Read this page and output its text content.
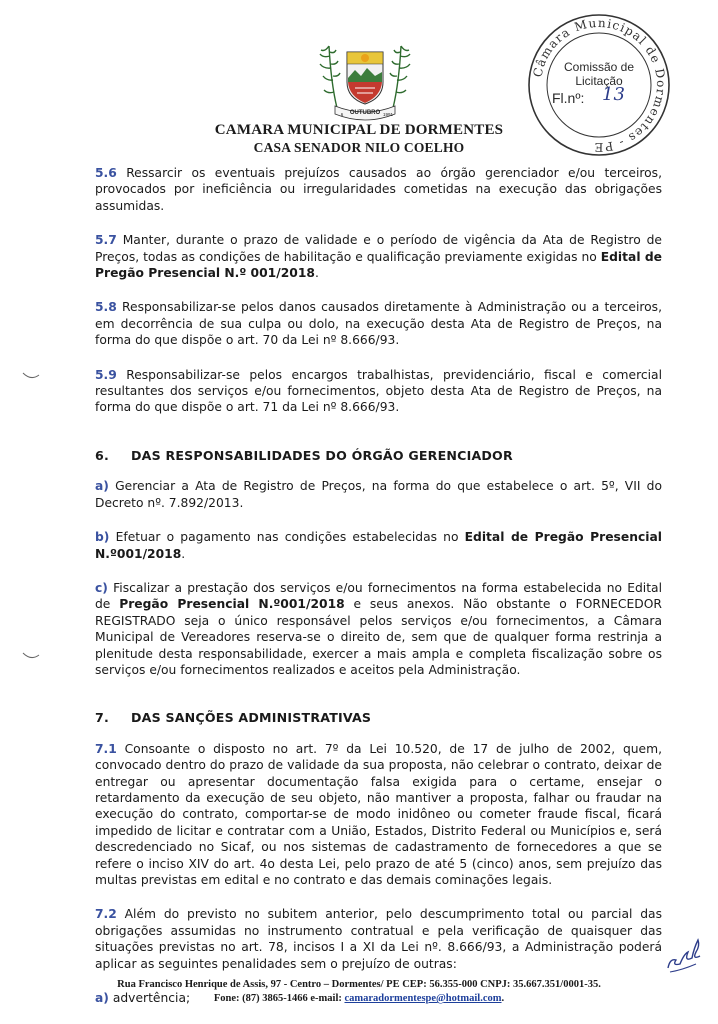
OUTUBRO
6	1991
CAMARA MUNICIPAL DE DORMENTES
CASA SENADOR NILO COELHO
Câmara Municipal de Dormentes - PE
Comissão de
Licitação
Fl.nº: 13

5.6 Ressarcir os eventuais prejuízos causados ao órgão gerenciador e/ou terceiros, provocados por ineficiência ou irregularidades cometidas na execução das obrigações assumidas.

5.7 Manter, durante o prazo de validade e o período de vigência da Ata de Registro de Preços, todas as condições de habilitação e qualificação previamente exigidas no Edital de Pregão Presencial N.º 001/2018.

5.8 Responsabilizar-se pelos danos causados diretamente à Administração ou a terceiros, em decorrência de sua culpa ou dolo, na execução desta Ata de Registro de Preços, na forma do que dispõe o art. 70 da Lei nº 8.666/93.

5.9 Responsabilizar-se pelos encargos trabalhistas, previdenciário, fiscal e comercial resultantes dos serviços e/ou fornecimentos, objeto desta Ata de Registro de Preços, na forma do que dispõe o art. 71 da Lei nº 8.666/93.

6. DAS RESPONSABILIDADES DO ÓRGÃO GERENCIADOR

a) Gerenciar a Ata de Registro de Preços, na forma do que estabelece o art. 5º, VII do Decreto nº. 7.892/2013.

b) Efetuar o pagamento nas condições estabelecidas no Edital de Pregão Presencial N.º001/2018.

c) Fiscalizar a prestação dos serviços e/ou fornecimentos na forma estabelecida no Edital de Pregão Presencial N.º001/2018 e seus anexos. Não obstante o FORNECEDOR REGISTRADO seja o único responsável pelos serviços e/ou fornecimentos, a Câmara Municipal de Vereadores reserva-se o direito de, sem que de qualquer forma restrinja a plenitude desta responsabilidade, exercer a mais ampla e completa fiscalização sobre os serviços e/ou fornecimentos realizados e aceitos pela Administração.

7. DAS SANÇÕES ADMINISTRATIVAS

7.1 Consoante o disposto no art. 7º da Lei 10.520, de 17 de julho de 2002, quem, convocado dentro do prazo de validade da sua proposta, não celebrar o contrato, deixar de entregar ou apresentar documentação falsa exigida para o certame, ensejar o retardamento da execução de seu objeto, não mantiver a proposta, falhar ou fraudar na execução do contrato, comportar-se de modo inidôneo ou cometer fraude fiscal, ficará impedido de licitar e contratar com a União, Estados, Distrito Federal ou Municípios e, será descredenciado no Sicaf, ou nos sistemas de cadastramento de fornecedores a que se refere o inciso XIV do art. 4o desta Lei, pelo prazo de até 5 (cinco) anos, sem prejuízo das multas previstas em edital e no contrato e das demais cominações legais.

7.2 Além do previsto no subitem anterior, pelo descumprimento total ou parcial das obrigações assumidas no instrumento contratual e pela verificação de quaisquer das situações previstas no art. 78, incisos I a XI da Lei nº. 8.666/93, a Administração poderá aplicar as seguintes penalidades sem o prejuízo de outras:

a) advertência;

Rua Francisco Henrique de Assis, 97 - Centro – Dormentes/ PE CEP: 56.355-000 CNPJ: 35.667.351/0001-35.
Fone: (87) 3865-1466 e-mail: camaradormentespe@hotmail.com.
